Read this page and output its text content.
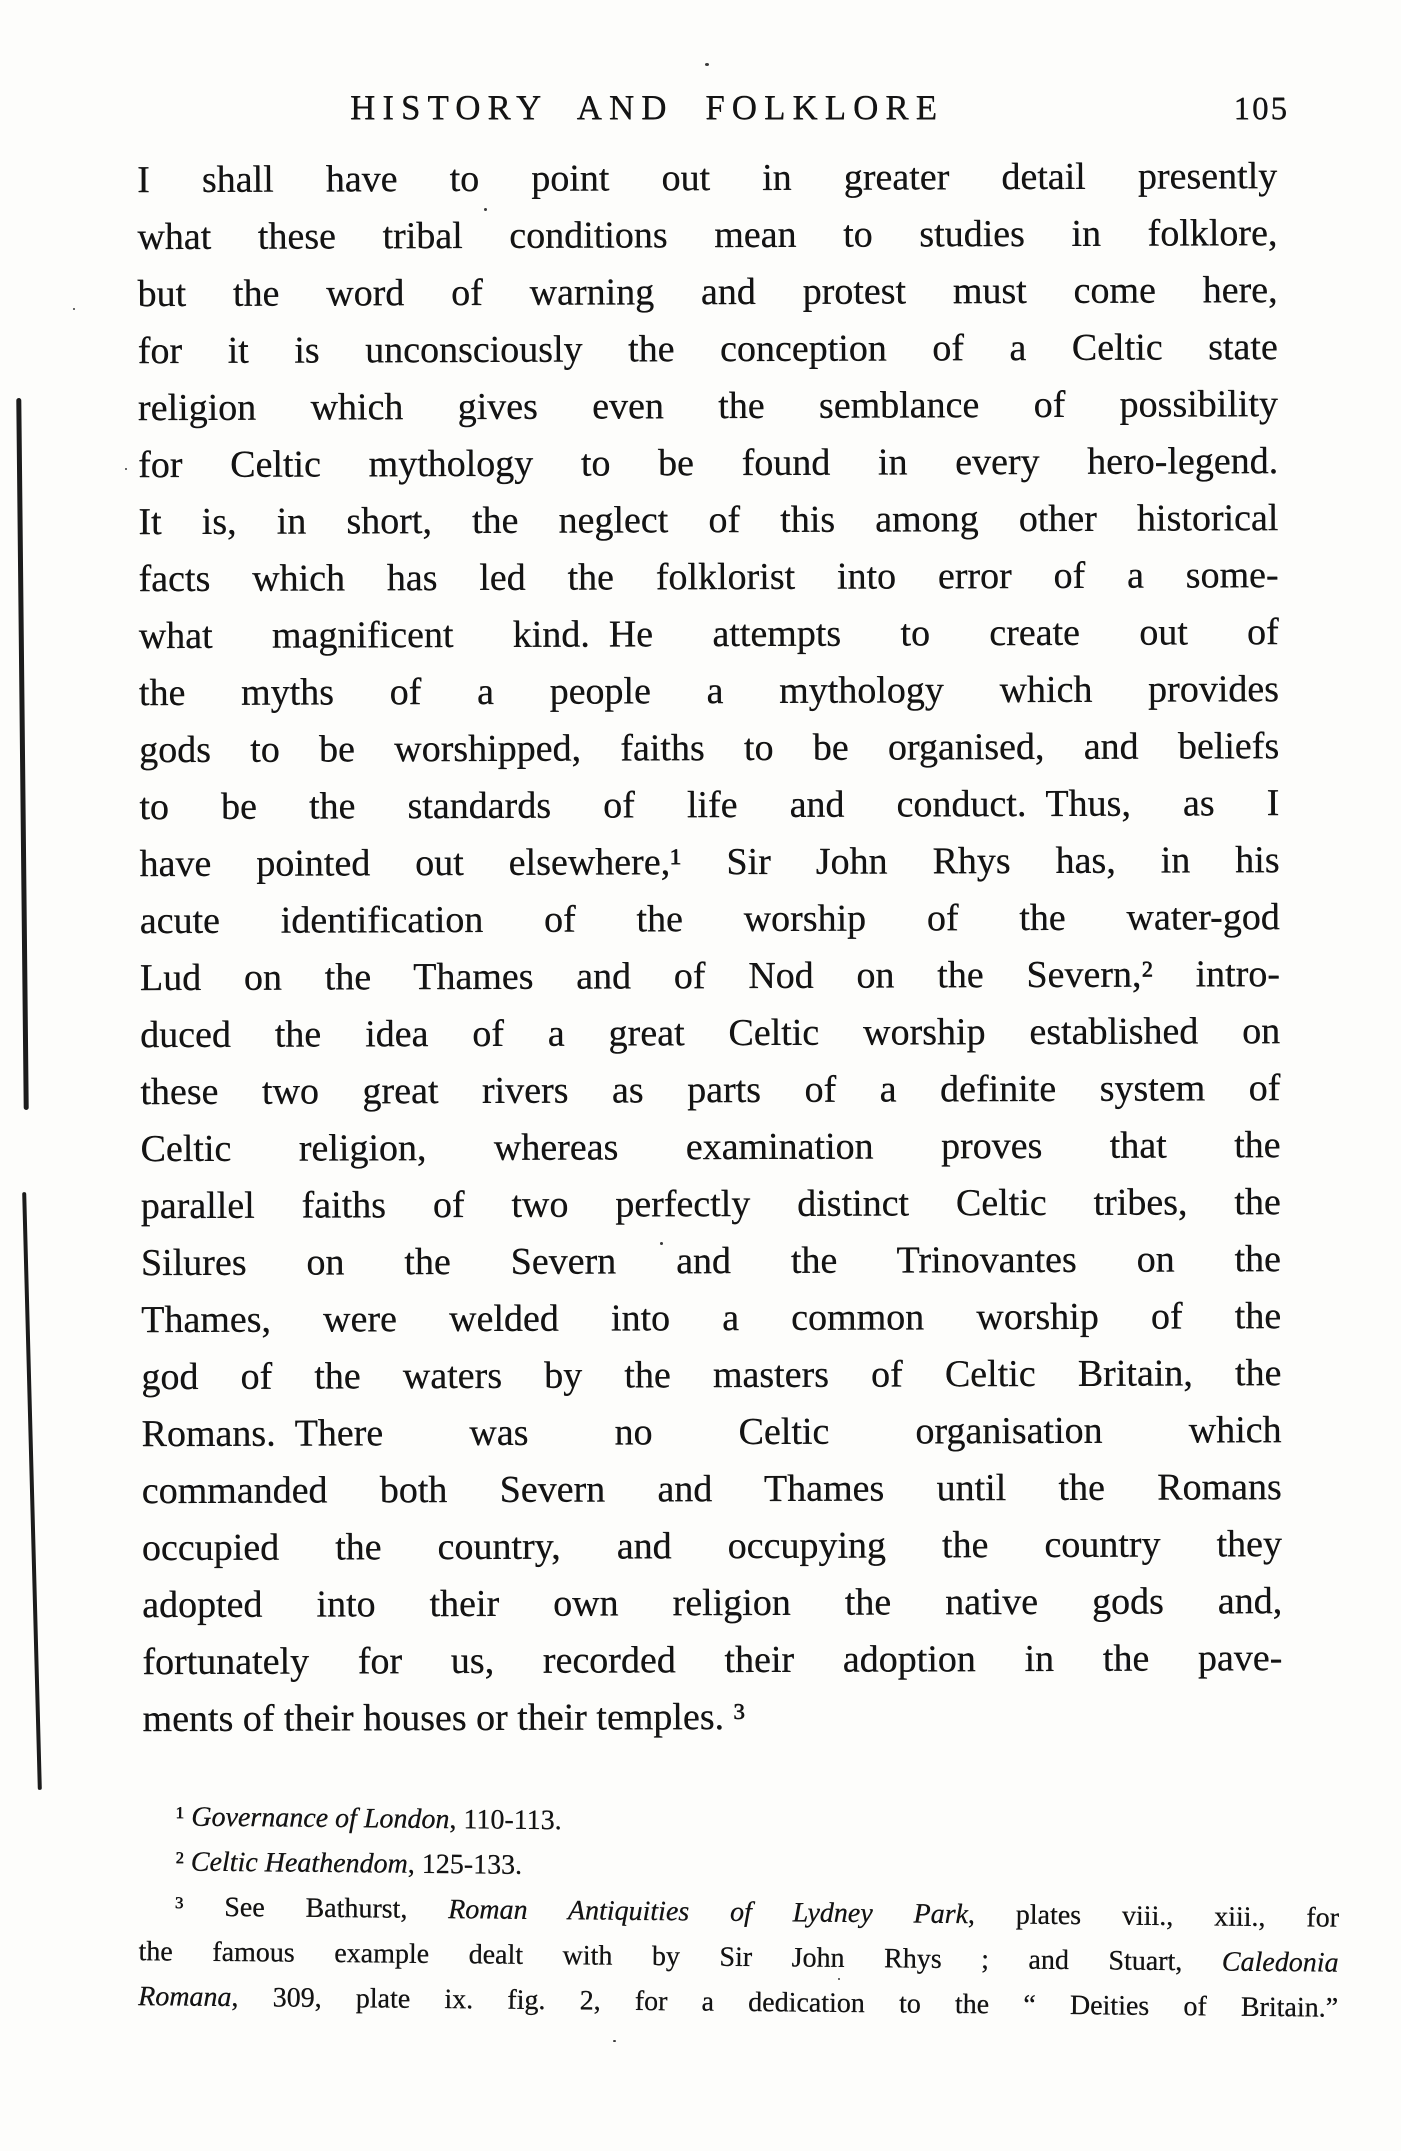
HISTORY AND FOLKLORE	105
I shall have to point out in greater detail presently
what these tribal conditions mean to studies in folklore,
but the word of warning and protest must come here,
for it is unconsciously the conception of a Celtic state
religion which gives even the semblance of possibility
for Celtic mythology to be found in every hero-legend.
It is, in short, the neglect of this among other historical
facts which has led the folklorist into error of a some-
what magnificent kind. He attempts to create out of
the myths of a people a mythology which provides
gods to be worshipped, faiths to be organised, and beliefs
to be the standards of life and conduct. Thus, as I
have pointed out elsewhere,¹ Sir John Rhys has, in his
acute identification of the worship of the water-god
Lud on the Thames and of Nod on the Severn,² intro-
duced the idea of a great Celtic worship established on
these two great rivers as parts of a definite system of
Celtic religion, whereas examination proves that the
parallel faiths of two perfectly distinct Celtic tribes, the
Silures on the Severn and the Trinovantes on the
Thames, were welded into a common worship of the
god of the waters by the masters of Celtic Britain, the
Romans. There was no Celtic organisation which
commanded both Severn and Thames until the Romans
occupied the country, and occupying the country they
adopted into their own religion the native gods and,
fortunately for us, recorded their adoption in the pave-
ments of their houses or their temples. ³
¹ Governance of London, 110-113.
² Celtic Heathendom, 125-133.
³ See Bathurst, Roman Antiquities of Lydney Park, plates viii., xiii., for
the famous example dealt with by Sir John Rhys ; and Stuart, Caledonia
Romana, 309, plate ix. fig. 2, for a dedication to the “ Deities of Britain.”
